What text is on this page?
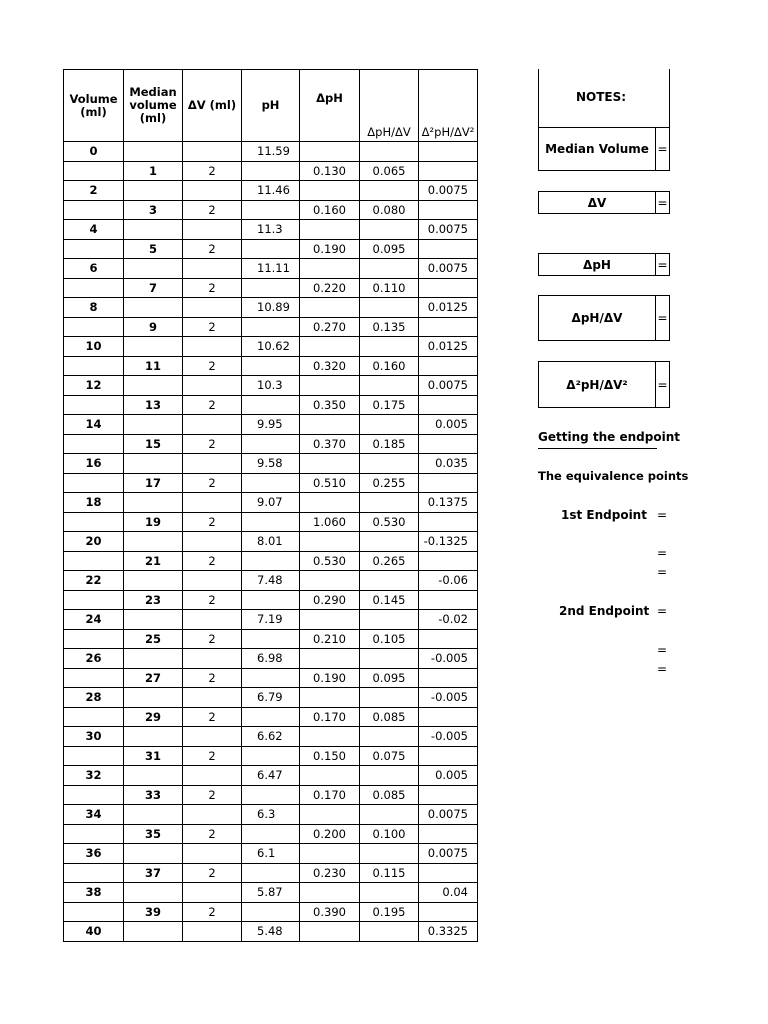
Volume (ml)	Median volume (ml)	ΔV (ml)	pH	ΔpH	ΔpH/ΔV	Δ²pH/ΔV²
0			11.59			
	1	2		0.130	0.065	
2			11.46			0.0075
	3	2		0.160	0.080	
4			11.3			0.0075
	5	2		0.190	0.095	
6			11.11			0.0075
	7	2		0.220	0.110	
8			10.89			0.0125
	9	2		0.270	0.135	
10			10.62			0.0125
	11	2		0.320	0.160	
12			10.3			0.0075
	13	2		0.350	0.175	
14			9.95			0.005
	15	2		0.370	0.185	
16			9.58			0.035
	17	2		0.510	0.255	
18			9.07			0.1375
	19	2		1.060	0.530	
20			8.01			-0.1325
	21	2		0.530	0.265	
22			7.48			-0.06
	23	2		0.290	0.145	
24			7.19			-0.02
	25	2		0.210	0.105	
26			6.98			-0.005
	27	2		0.190	0.095	
28			6.79			-0.005
	29	2		0.170	0.085	
30			6.62			-0.005
	31	2		0.150	0.075	
32			6.47			0.005
	33	2		0.170	0.085	
34			6.3			0.0075
	35	2		0.200	0.100	
36			6.1			0.0075
	37	2		0.230	0.115	
38			5.87			0.04
	39	2		0.390	0.195	
40			5.48			0.3325
NOTES:
Median Volume =
ΔV	=
ΔpH	=
ΔpH/ΔV	=
Δ²pH/ΔV²	=
Getting the endpoint
The equivalence points
1st Endpoint =
=
=
2nd Endpoint =
=
=
